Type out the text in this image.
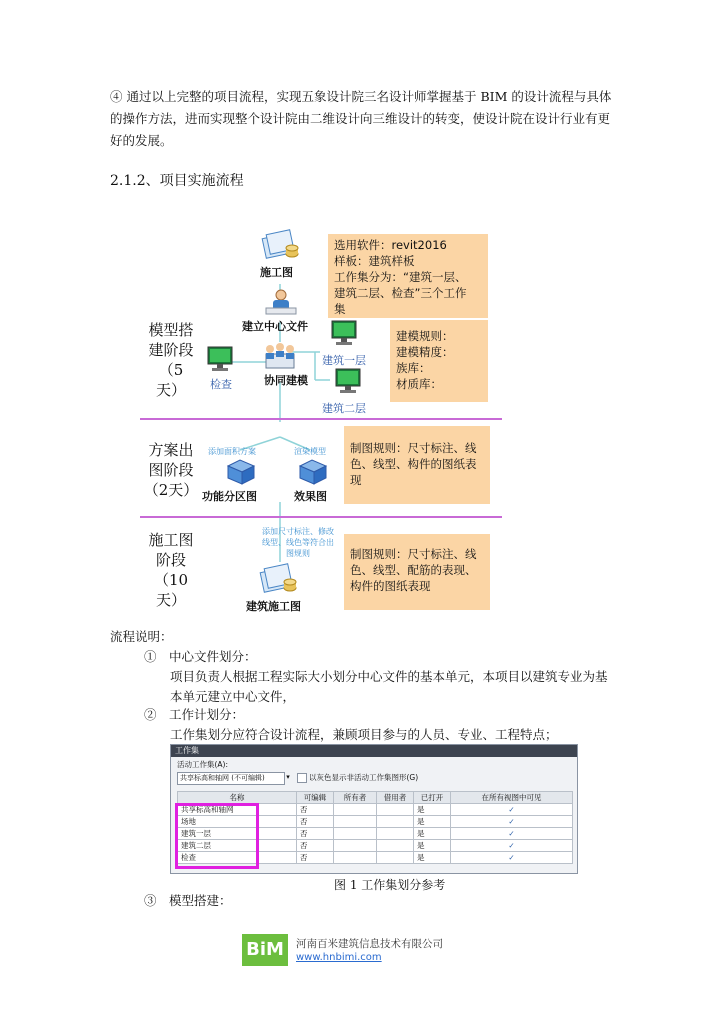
④ 通过以上完整的项目流程，实现五象设计院三名设计师掌握基于 BIM 的设计流程与具体
的操作方法，进而实现整个设计院由二维设计向三维设计的转变，使设计院在设计行业有更
好的发展。
2.1.2、项目实施流程
模型搭
建阶段
（5
天）
方案出
图阶段
（2天）
施工图
阶段
（10
天）
施工图
建立中心文件
协同建模
检查
建筑一层
建筑二层
选用软件：revit2016
样板：建筑样板
工作集分为：“建筑一层、
建筑二层、检查”三个工作
集
建模规则：
建模精度：
族库：
材质库：
添加面积方案	渲染模型
功能分区图	效果图
制图规则：尺寸标注、线
色、线型、构件的图纸表
现
添加尺寸标注、修改
线型、线色等符合出
图规则
建筑施工图
制图规则：尺寸标注、线
色、线型、配筋的表现、
构件的图纸表现
流程说明：
①　中心文件划分：
项目负责人根据工程实际大小划分中心文件的基本单元，本项目以建筑专业为基
本单元建立中心文件，
②　工作计划分：
工作集划分应符合设计流程，兼顾项目参与的人员、专业、工程特点；
工作集
活动工作集(A):
共享标高和轴网 (不可编辑)	▾	以灰色显示非活动工作集图形(G)
名称	可编辑	所有者	借用者	已打开	在所有视图中可见
共享标高和轴网	否			是	✓
场地	否			是	✓
建筑一层	否			是	✓
建筑二层	否			是	✓
检查	否			是	✓
图 1 工作集划分参考
③　模型搭建：
BiM	河南百米建筑信息技术有限公司
www.hnbimi.com
